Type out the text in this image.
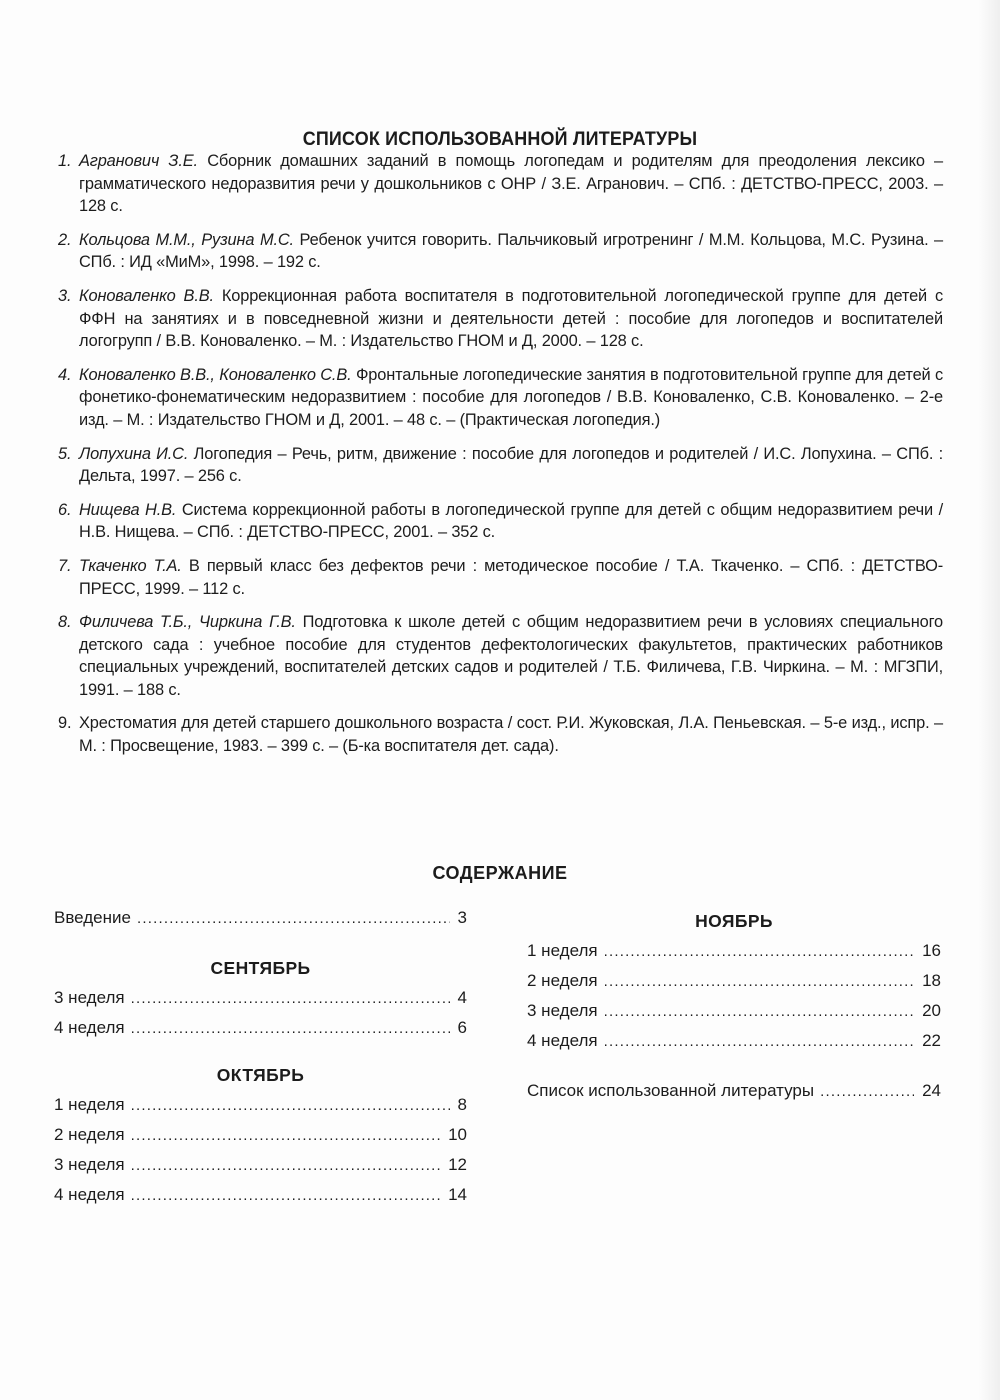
СПИСОК ИСПОЛЬЗОВАННОЙ ЛИТЕРАТУРЫ
1. Агранович З.Е. Сборник домашних заданий в помощь логопедам и родителям для преодоления лексико – грамматического недоразвития речи у дошкольников с ОНР / З.Е. Агранович. – СПб. : ДЕТСТВО-ПРЕСС, 2003. – 128 с.
2. Кольцова М.М., Рузина М.С. Ребенок учится говорить. Пальчиковый игротренинг / М.М. Кольцова, М.С. Рузина. – СПб. : ИД «МиМ», 1998. – 192 с.
3. Коноваленко В.В. Коррекционная работа воспитателя в подготовительной логопедической группе для детей с ФФН на занятиях и в повседневной жизни и деятельности детей : пособие для логопедов и воспитателей логогрупп / В.В. Коноваленко. – М. : Издательство ГНОМ и Д, 2000. – 128 с.
4. Коноваленко В.В., Коноваленко С.В. Фронтальные логопедические занятия в подготовительной группе для детей с фонетико-фонематическим недоразвитием : пособие для логопедов / В.В. Коноваленко, С.В. Коноваленко. – 2-е изд. – М. : Издательство ГНОМ и Д, 2001. – 48 с. – (Практическая логопедия.)
5. Лопухина И.С. Логопедия – Речь, ритм, движение : пособие для логопедов и родителей / И.С. Лопухина. – СПб. : Дельта, 1997. – 256 с.
6. Нищева Н.В. Система коррекционной работы в логопедической группе для детей с общим недоразвитием речи / Н.В. Нищева. – СПб. : ДЕТСТВО-ПРЕСС, 2001. – 352 с.
7. Ткаченко Т.А. В первый класс без дефектов речи : методическое пособие / Т.А. Ткаченко. – СПб. : ДЕТСТВО-ПРЕСС, 1999. – 112 с.
8. Филичева Т.Б., Чиркина Г.В. Подготовка к школе детей с общим недоразвитием речи в условиях специального детского сада : учебное пособие для студентов дефектологических факультетов, практических работников специальных учреждений, воспитателей детских садов и родителей / Т.Б. Филичева, Г.В. Чиркина. – М. : МГЗПИ, 1991. – 188 с.
9. Хрестоматия для детей старшего дошкольного возраста / сост. Р.И. Жуковская, Л.А. Пеньевская. – 5-е изд., испр. – М. : Просвещение, 1983. – 399 с. – (Б-ка воспитателя дет. сада).
СОДЕРЖАНИЕ
Введение .....	3
СЕНТЯБРЬ
3 неделя .....	4
4 неделя .....	6
ОКТЯБРЬ
1 неделя .....	8
2 неделя .....	10
3 неделя .....	12
4 неделя .....	14
НОЯБРЬ
1 неделя .....	16
2 неделя .....	18
3 неделя .....	20
4 неделя .....	22
Список использованной литературы .....	24
